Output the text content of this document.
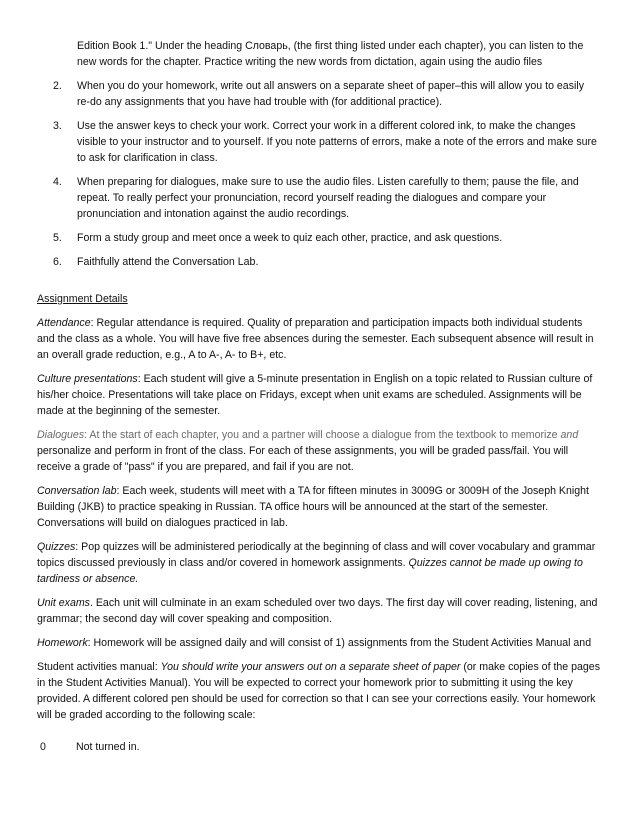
Edition Book 1." Under the heading Словарь, (the first thing listed under each chapter), you can listen to the new words for the chapter. Practice writing the new words from dictation, again using the audio files
2. When you do your homework, write out all answers on a separate sheet of paper–this will allow you to easily re-do any assignments that you have had trouble with (for additional practice).
3. Use the answer keys to check your work. Correct your work in a different colored ink, to make the changes visible to your instructor and to yourself. If you note patterns of errors, make a note of the errors and make sure to ask for clarification in class.
4. When preparing for dialogues, make sure to use the audio files. Listen carefully to them; pause the file, and repeat. To really perfect your pronunciation, record yourself reading the dialogues and compare your pronunciation and intonation against the audio recordings.
5. Form a study group and meet once a week to quiz each other, practice, and ask questions.
6. Faithfully attend the Conversation Lab.

Assignment Details

Attendance: Regular attendance is required. Quality of preparation and participation impacts both individual students and the class as a whole. You will have five free absences during the semester. Each subsequent absence will result in an overall grade reduction, e.g., A to A-, A- to B+, etc.

Culture presentations: Each student will give a 5-minute presentation in English on a topic related to Russian culture of his/her choice. Presentations will take place on Fridays, except when unit exams are scheduled. Assignments will be made at the beginning of the semester.

Dialogues: At the start of each chapter, you and a partner will choose a dialogue from the textbook to memorize and personalize and perform in front of the class. For each of these assignments, you will be graded pass/fail. You will receive a grade of "pass" if you are prepared, and fail if you are not.

Conversation lab: Each week, students will meet with a TA for fifteen minutes in 3009G or 3009H of the Joseph Knight Building (JKB) to practice speaking in Russian. TA office hours will be announced at the start of the semester. Conversations will build on dialogues practiced in lab.

Quizzes: Pop quizzes will be administered periodically at the beginning of class and will cover vocabulary and grammar topics discussed previously in class and/or covered in homework assignments. Quizzes cannot be made up owing to tardiness or absence.

Unit exams. Each unit will culminate in an exam scheduled over two days. The first day will cover reading, listening, and grammar; the second day will cover speaking and composition.

Homework: Homework will be assigned daily and will consist of 1) assignments from the Student Activities Manual and

Student activities manual: You should write your answers out on a separate sheet of paper (or make copies of the pages in the Student Activities Manual). You will be expected to correct your homework prior to submitting it using the key provided. A different colored pen should be used for correction so that I can see your corrections easily. Your homework will be graded according to the following scale:

0	Not turned in.
